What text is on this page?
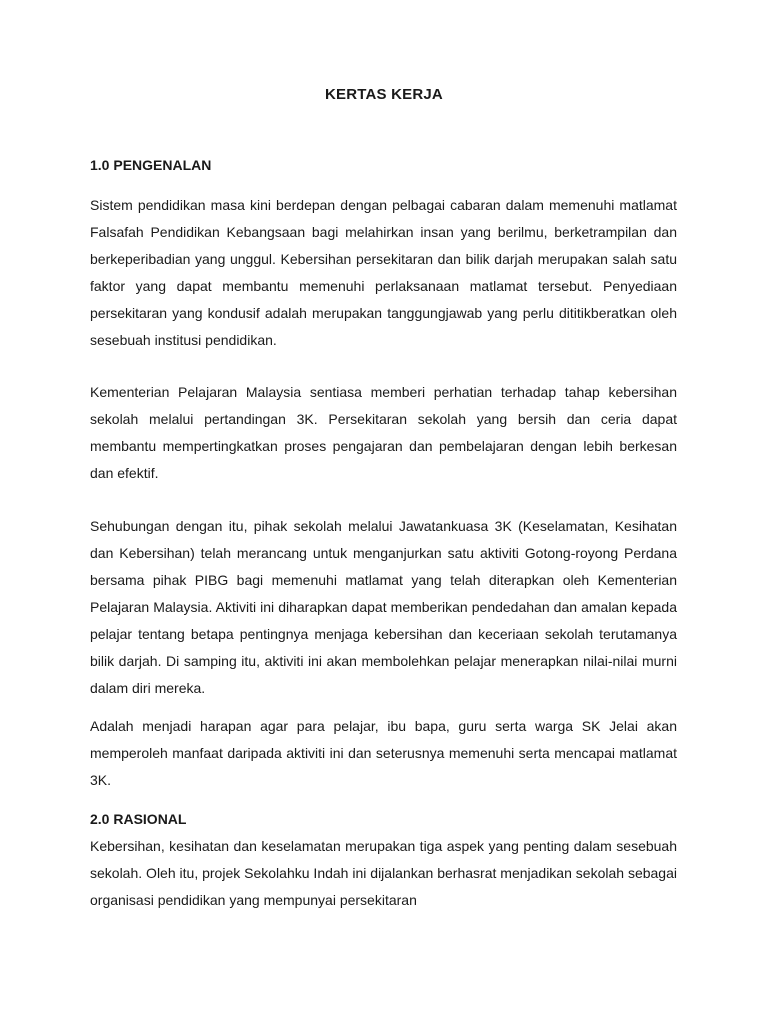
KERTAS KERJA
1.0 PENGENALAN

Sistem pendidikan masa kini berdepan dengan pelbagai cabaran dalam memenuhi matlamat Falsafah Pendidikan Kebangsaan bagi melahirkan insan yang berilmu, berketrampilan dan berkeperibadian yang unggul. Kebersihan persekitaran dan bilik darjah merupakan salah satu faktor yang dapat membantu memenuhi perlaksanaan matlamat tersebut. Penyediaan persekitaran yang kondusif adalah merupakan tanggungjawab yang perlu dititikberatkan oleh sesebuah institusi pendidikan.

Kementerian Pelajaran Malaysia sentiasa memberi perhatian terhadap tahap kebersihan sekolah melalui pertandingan 3K. Persekitaran sekolah yang bersih dan ceria dapat membantu mempertingkatkan proses pengajaran dan pembelajaran dengan lebih berkesan dan efektif.

Sehubungan dengan itu, pihak sekolah melalui Jawatankuasa 3K (Keselamatan, Kesihatan dan Kebersihan) telah merancang untuk menganjurkan satu aktiviti Gotong-royong Perdana bersama pihak PIBG bagi memenuhi matlamat yang telah diterapkan oleh Kementerian Pelajaran Malaysia. Aktiviti ini diharapkan dapat memberikan pendedahan dan amalan kepada pelajar tentang betapa pentingnya menjaga kebersihan dan keceriaan sekolah terutamanya bilik darjah. Di samping itu, aktiviti ini akan membolehkan pelajar menerapkan nilai-nilai murni dalam diri mereka.

Adalah menjadi harapan agar para pelajar, ibu bapa, guru serta warga SK Jelai akan memperoleh manfaat daripada aktiviti ini dan seterusnya memenuhi serta mencapai matlamat 3K.

2.0 RASIONAL

Kebersihan, kesihatan dan keselamatan merupakan tiga aspek yang penting dalam sesebuah sekolah. Oleh itu, projek Sekolahku Indah ini dijalankan berhasrat menjadikan sekolah sebagai organisasi pendidikan yang mempunyai persekitaran
